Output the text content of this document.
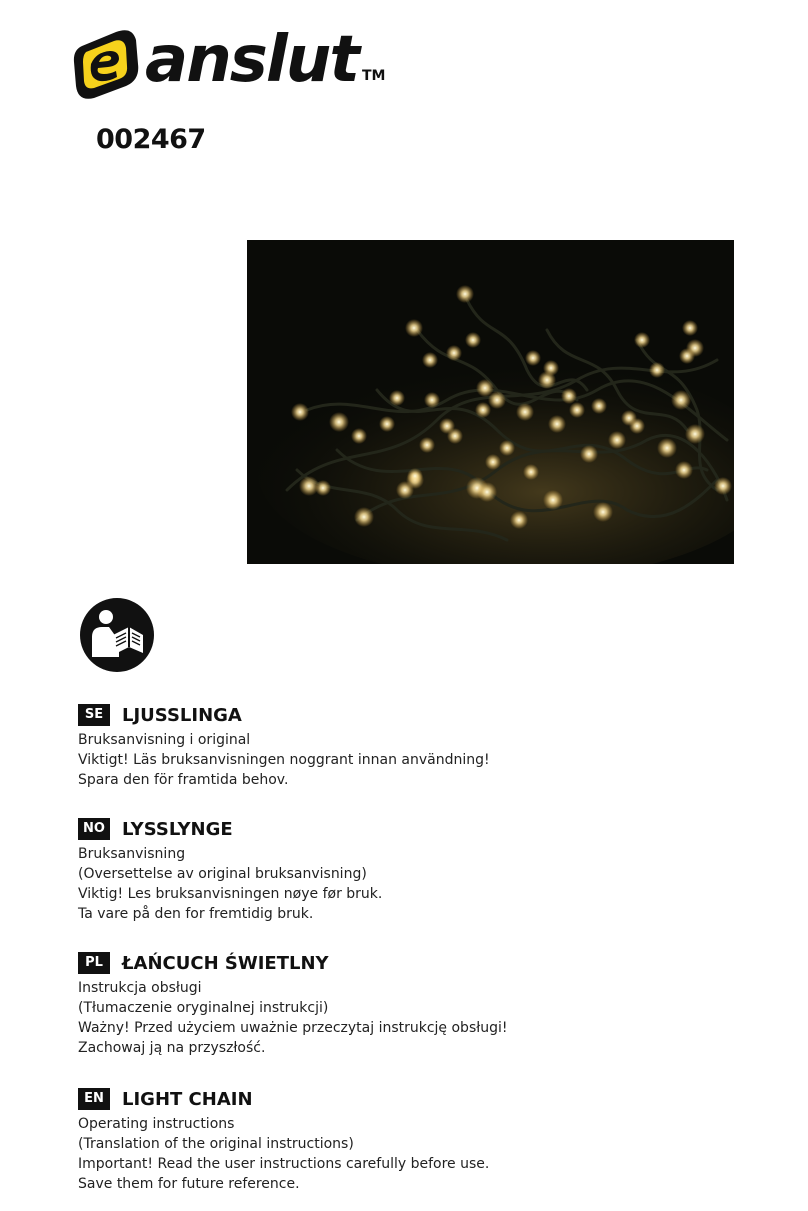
anslut TM
002467
SE	LJUSSLINGA
Bruksanvisning i original
Viktigt! Läs bruksanvisningen noggrant innan användning!
Spara den för framtida behov.
NO LYSSLYNGE
Bruksanvisning
(Oversettelse av original bruksanvisning)
Viktig! Les bruksanvisningen nøye før bruk.
Ta vare på den for fremtidig bruk.
PL	ŁAŃCUCH ŚWIETLNY
Instrukcja obsługi
(Tłumaczenie oryginalnej instrukcji)
Ważny! Przed użyciem uważnie przeczytaj instrukcję obsługi!
Zachowaj ją na przyszłość.
EN	LIGHT CHAIN
Operating instructions
(Translation of the original instructions)
Important! Read the user instructions carefully before use.
Save them for future reference.
